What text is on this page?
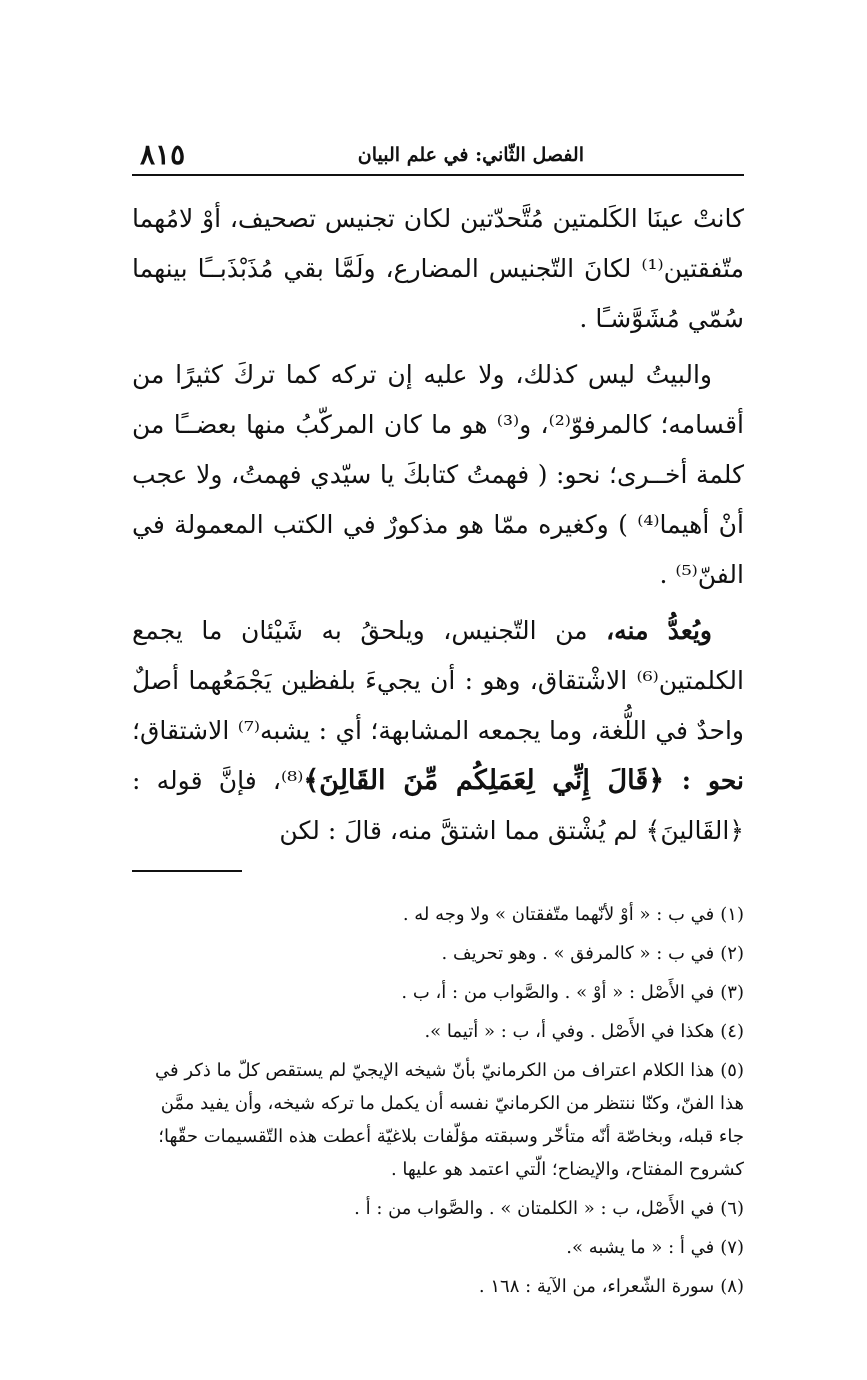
الفصل الثّاني: في علم البيان
٨١٥

كانتْ عينَا الكَلمتين مُتَّحدّتين لكان تجنيس تصحيف، أوْ لامُهما متّفقتين⁽¹⁾ لكانَ التّجنيس المضارع، ولَمَّا بقي مُذَبْذَبــًا بينهما سُمّي مُشَوَّشـًا .

والبيتُ ليس كذلك، ولا عليه إن تركه كما تركَ كثيرًا من أقسامه؛ كالمرفوّ⁽²⁾، و⁽³⁾ هو ما كان المركّبُ منها بعضــًا من كلمة أخــرى؛ نحو: ( فهمتُ كتابكَ يا سيّدي فهمتُ، ولا عجب أنْ أهيما⁽⁴⁾ ) وكغيره ممّا هو مذكورٌ في الكتب المعمولة في الفنّ⁽⁵⁾ .

ويُعدُّ منه، من التّجنيس، ويلحقُ به شَيْئان ما يجمع الكلمتين⁽⁶⁾ الاشْتقاق، وهو : أن يجيءَ بلفظين يَجْمَعُهما أصلٌ واحدٌ في اللُّغة، وما يجمعه المشابهة؛ أي : يشبه⁽⁷⁾ الاشتقاق؛ نحو : ﴿قَالَ إِنِّي لِعَمَلِكُم مِّنَ القَالِنَ﴾⁽⁸⁾، فإنَّ قوله : ﴿القَالينَ﴾ لم يُشْتق مما اشتقَّ منه، قالَ : لكن

(١)في ب : « أوْ لأنّهما متّفقتان » ولا وجه له .
(٢)في ب : « كالمرفق » . وهو تحريف .
(٣)في الأَصْل : « أوْ » . والصَّواب من : أ، ب .
(٤)هكذا في الأَصْل . وفي أ، ب : « أتيما ».
(٥)هذا الكلام اعتراف من الكرمانيّ بأنّ شيخه الإيجيّ لم يستقص كلّ ما ذكر في هذا الفنّ، وكنّا ننتظر من الكرمانيّ نفسه أن يكمل ما تركه شيخه، وأن يفيد ممَّن جاء قبله، وبخاصّة أنّه متأخّر وسبقته مؤلّفات بلاغيّة أعطت هذه التّقسيمات حقّها؛ كشروح المفتاح، والإيضاح؛ الّتي اعتمد هو عليها .
(٦)في الأَصْل، ب : « الكلمتان » . والصَّواب من : أ .
(٧)في أ : « ما يشبه ».
(٨)سورة الشّعراء، من الآية : ١٦٨ .
